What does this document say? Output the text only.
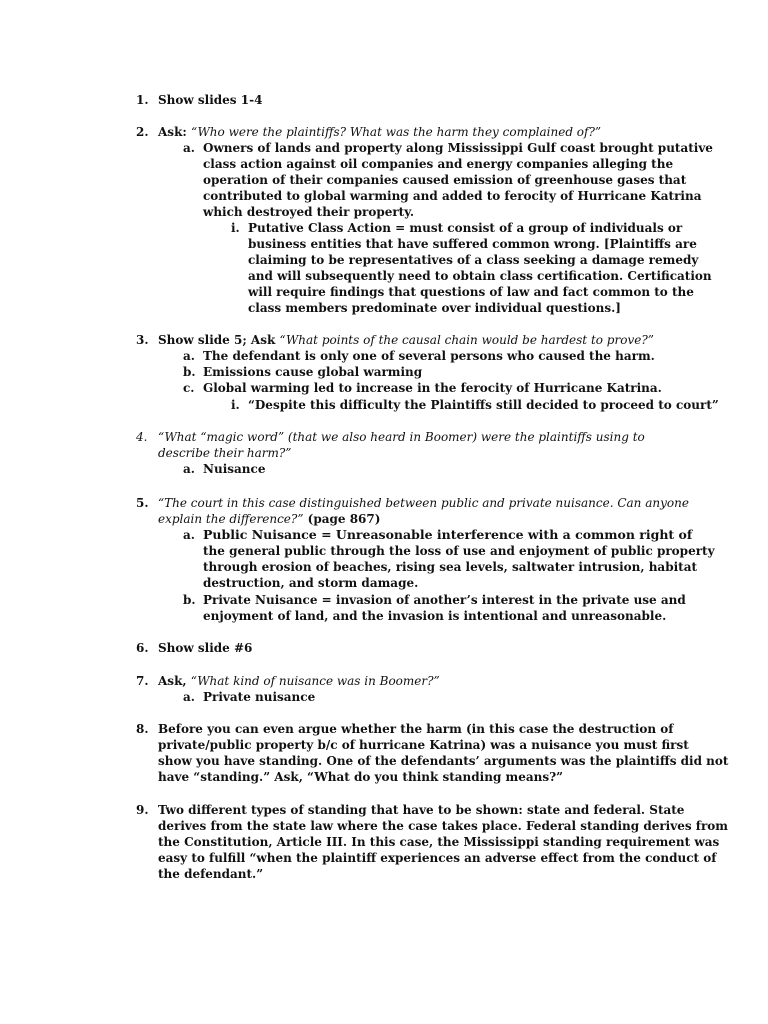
1. Show slides 1-4
2. Ask: “Who were the plaintiffs? What was the harm they complained of?”
a. Owners of lands and property along Mississippi Gulf coast brought putative
class action against oil companies and energy companies alleging the
operation of their companies caused emission of greenhouse gases that
contributed to global warming and added to ferocity of Hurricane Katrina
which destroyed their property.
i. Putative Class Action = must consist of a group of individuals or
business entities that have suffered common wrong. [Plaintiffs are
claiming to be representatives of a class seeking a damage remedy
and will subsequently need to obtain class certification. Certification
will require findings that questions of law and fact common to the
class members predominate over individual questions.]
3. Show slide 5; Ask “What points of the causal chain would be hardest to prove?”
a. The defendant is only one of several persons who caused the harm.
b. Emissions cause global warming
c. Global warming led to increase in the ferocity of Hurricane Katrina.
i. “Despite this difficulty the Plaintiffs still decided to proceed to court”
4. “What “magic word” (that we also heard in Boomer) were the plaintiffs using to
describe their harm?”
a. Nuisance
5. “The court in this case distinguished between public and private nuisance. Can anyone
explain the difference?” (page 867)
a. Public Nuisance = Unreasonable interference with a common right of
the general public through the loss of use and enjoyment of public property
through erosion of beaches, rising sea levels, saltwater intrusion, habitat
destruction, and storm damage.
b. Private Nuisance = invasion of another’s interest in the private use and
enjoyment of land, and the invasion is intentional and unreasonable.
6. Show slide #6
7. Ask, “What kind of nuisance was in Boomer?”
a. Private nuisance
8. Before you can even argue whether the harm (in this case the destruction of
private/public property b/c of hurricane Katrina) was a nuisance you must first
show you have standing. One of the defendants’ arguments was the plaintiffs did not
have “standing.” Ask, “What do you think standing means?”
9. Two different types of standing that have to be shown: state and federal. State
derives from the state law where the case takes place. Federal standing derives from
the Constitution, Article III. In this case, the Mississippi standing requirement was
easy to fulfill “when the plaintiff experiences an adverse effect from the conduct of
the defendant.”
